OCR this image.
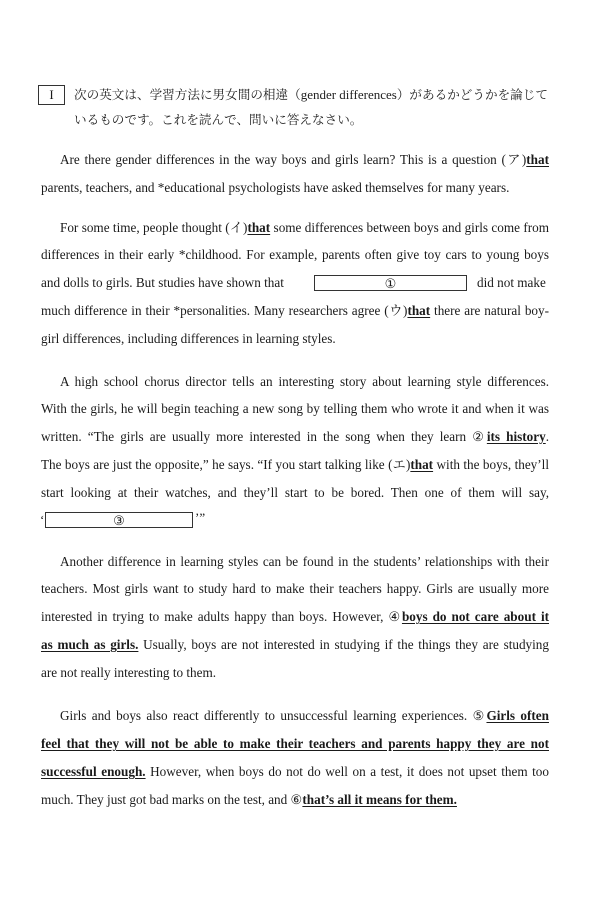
I	次の英文は、学習方法に男女間の相違（gender differences）があるかどうかを論じて
いるものです。これを読んで、問いに答えなさい。
Are there gender differences in the way boys and girls learn? This is a question (ア)that
parents, teachers, and *educational psychologists have asked themselves for many years.
For some time, people thought (イ)that some differences between boys and girls come from
differences in their early *childhood. For example, parents often give toy cars to young boys
and dolls to girls. But studies have shown that	①	did not make
much difference in their *personalities. Many researchers agree (ウ)that there are natural boy-
girl differences, including differences in learning styles.
A high school chorus director tells an interesting story about learning style differences.
With the girls, he will begin teaching a new song by telling them who wrote it and when it was
written. “The girls are usually more interested in the song when they learn ②its history.
The boys are just the opposite,” he says. “If you start talking like (エ)that with the boys, they’ll
start looking at their watches, and they’ll start to be bored. Then one of them will say,
‘	③	’”
Another difference in learning styles can be found in the students’ relationships with their
teachers. Most girls want to study hard to make their teachers happy. Girls are usually more
interested in trying to make adults happy than boys. However, ④boys do not care about it
as much as girls. Usually, boys are not interested in studying if the things they are studying
are not really interesting to them.
Girls and boys also react differently to unsuccessful learning experiences. ⑤Girls often
feel that they will not be able to make their teachers and parents happy they are not
successful enough. However, when boys do not do well on a test, it does not upset them too
much. They just got bad marks on the test, and ⑥that’s all it means for them.
